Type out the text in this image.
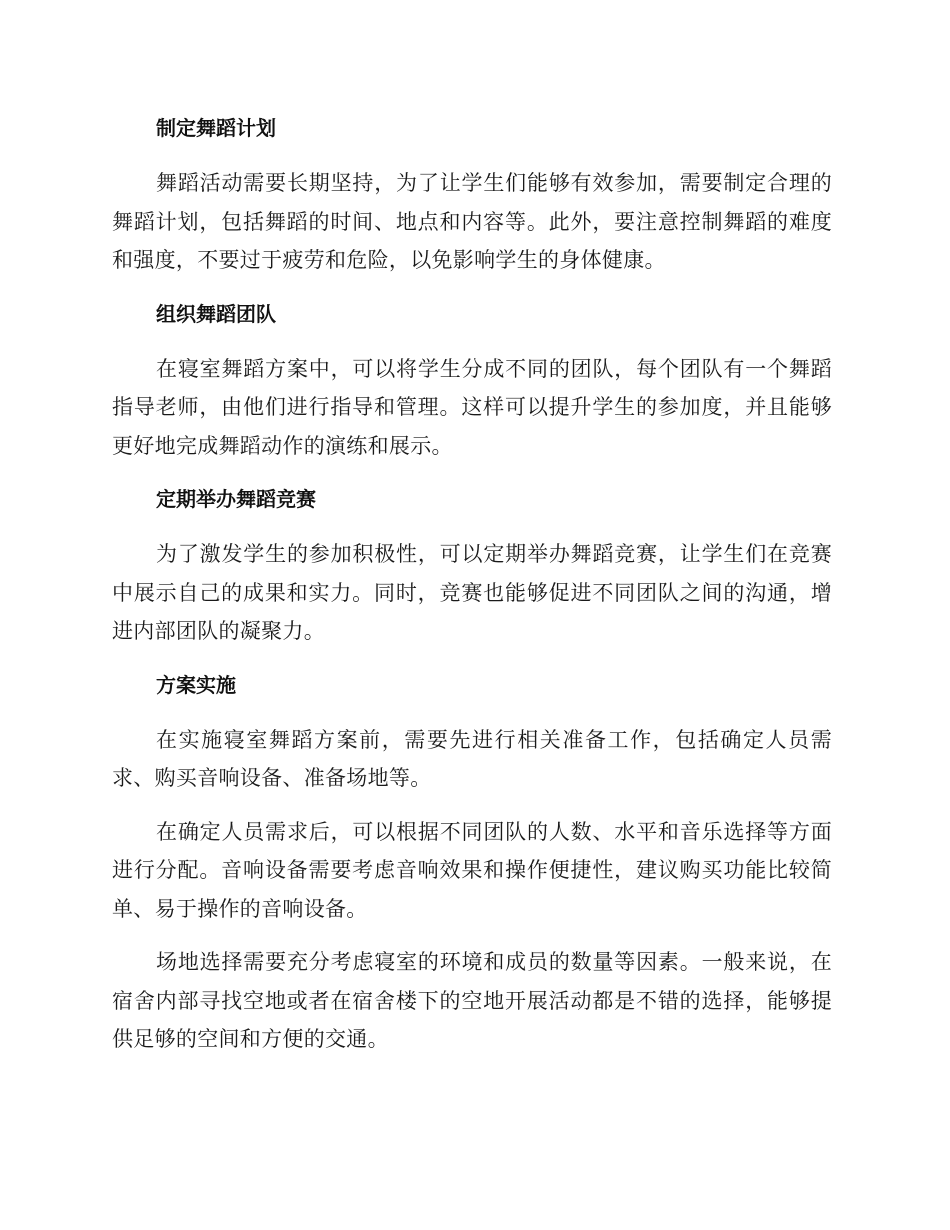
制定舞蹈计划

舞蹈活动需要长期坚持，为了让学生们能够有效参加，需要制定合理的舞蹈计划，包括舞蹈的时间、地点和内容等。此外，要注意控制舞蹈的难度和强度，不要过于疲劳和危险，以免影响学生的身体健康。

组织舞蹈团队

在寝室舞蹈方案中，可以将学生分成不同的团队，每个团队有一个舞蹈指导老师，由他们进行指导和管理。这样可以提升学生的参加度，并且能够更好地完成舞蹈动作的演练和展示。

定期举办舞蹈竞赛

为了激发学生的参加积极性，可以定期举办舞蹈竞赛，让学生们在竞赛中展示自己的成果和实力。同时，竞赛也能够促进不同团队之间的沟通，增进内部团队的凝聚力。

方案实施

在实施寝室舞蹈方案前，需要先进行相关准备工作，包括确定人员需求、购买音响设备、准备场地等。

在确定人员需求后，可以根据不同团队的人数、水平和音乐选择等方面进行分配。音响设备需要考虑音响效果和操作便捷性，建议购买功能比较简单、易于操作的音响设备。

场地选择需要充分考虑寝室的环境和成员的数量等因素。一般来说，在宿舍内部寻找空地或者在宿舍楼下的空地开展活动都是不错的选择，能够提供足够的空间和方便的交通。
